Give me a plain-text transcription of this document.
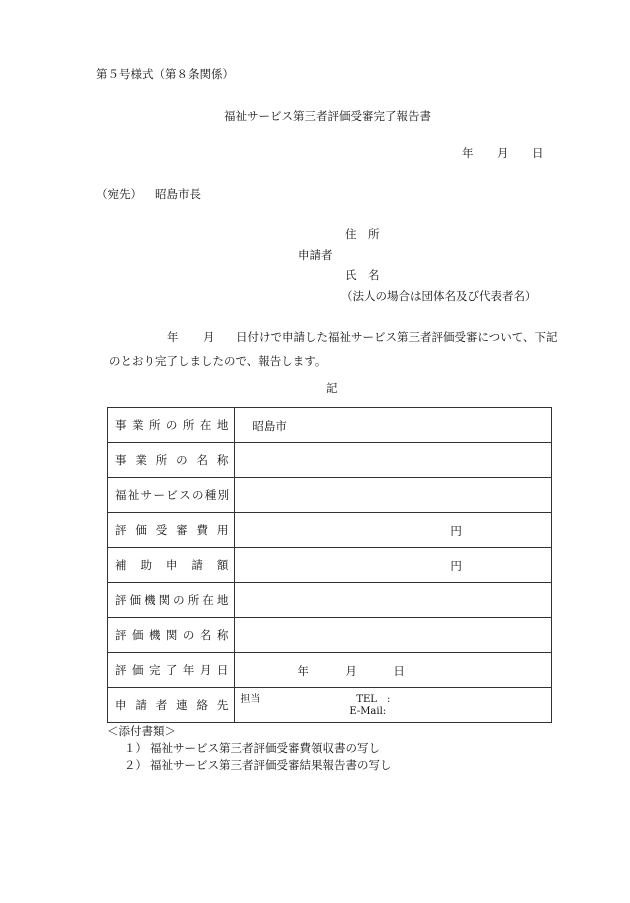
第５号様式（第８条関係）
福祉サービス第三者評価受審完了報告書
年 月 日
（宛先） 昭島市長
住　所
申請者
氏　名
（法人の場合は団体名及び代表者名）
年 月 日付けで申請した福祉サービス第三者評価受審について、下記
のとおり完了しましたので、報告します。
記
事業所の所在地	昭島市

事業所の名称	
福祉サービスの種別	
評価受審費用	円

補助申請額	円

評価機関の所在地	
評価機関の名称	
評価完了年月日	年 月 日

申請者連絡先	担当 TEL　:
E-Mail:
＜添付書類＞
１） 福祉サービス第三者評価受審費領収書の写し
２） 福祉サービス第三者評価受審結果報告書の写し
